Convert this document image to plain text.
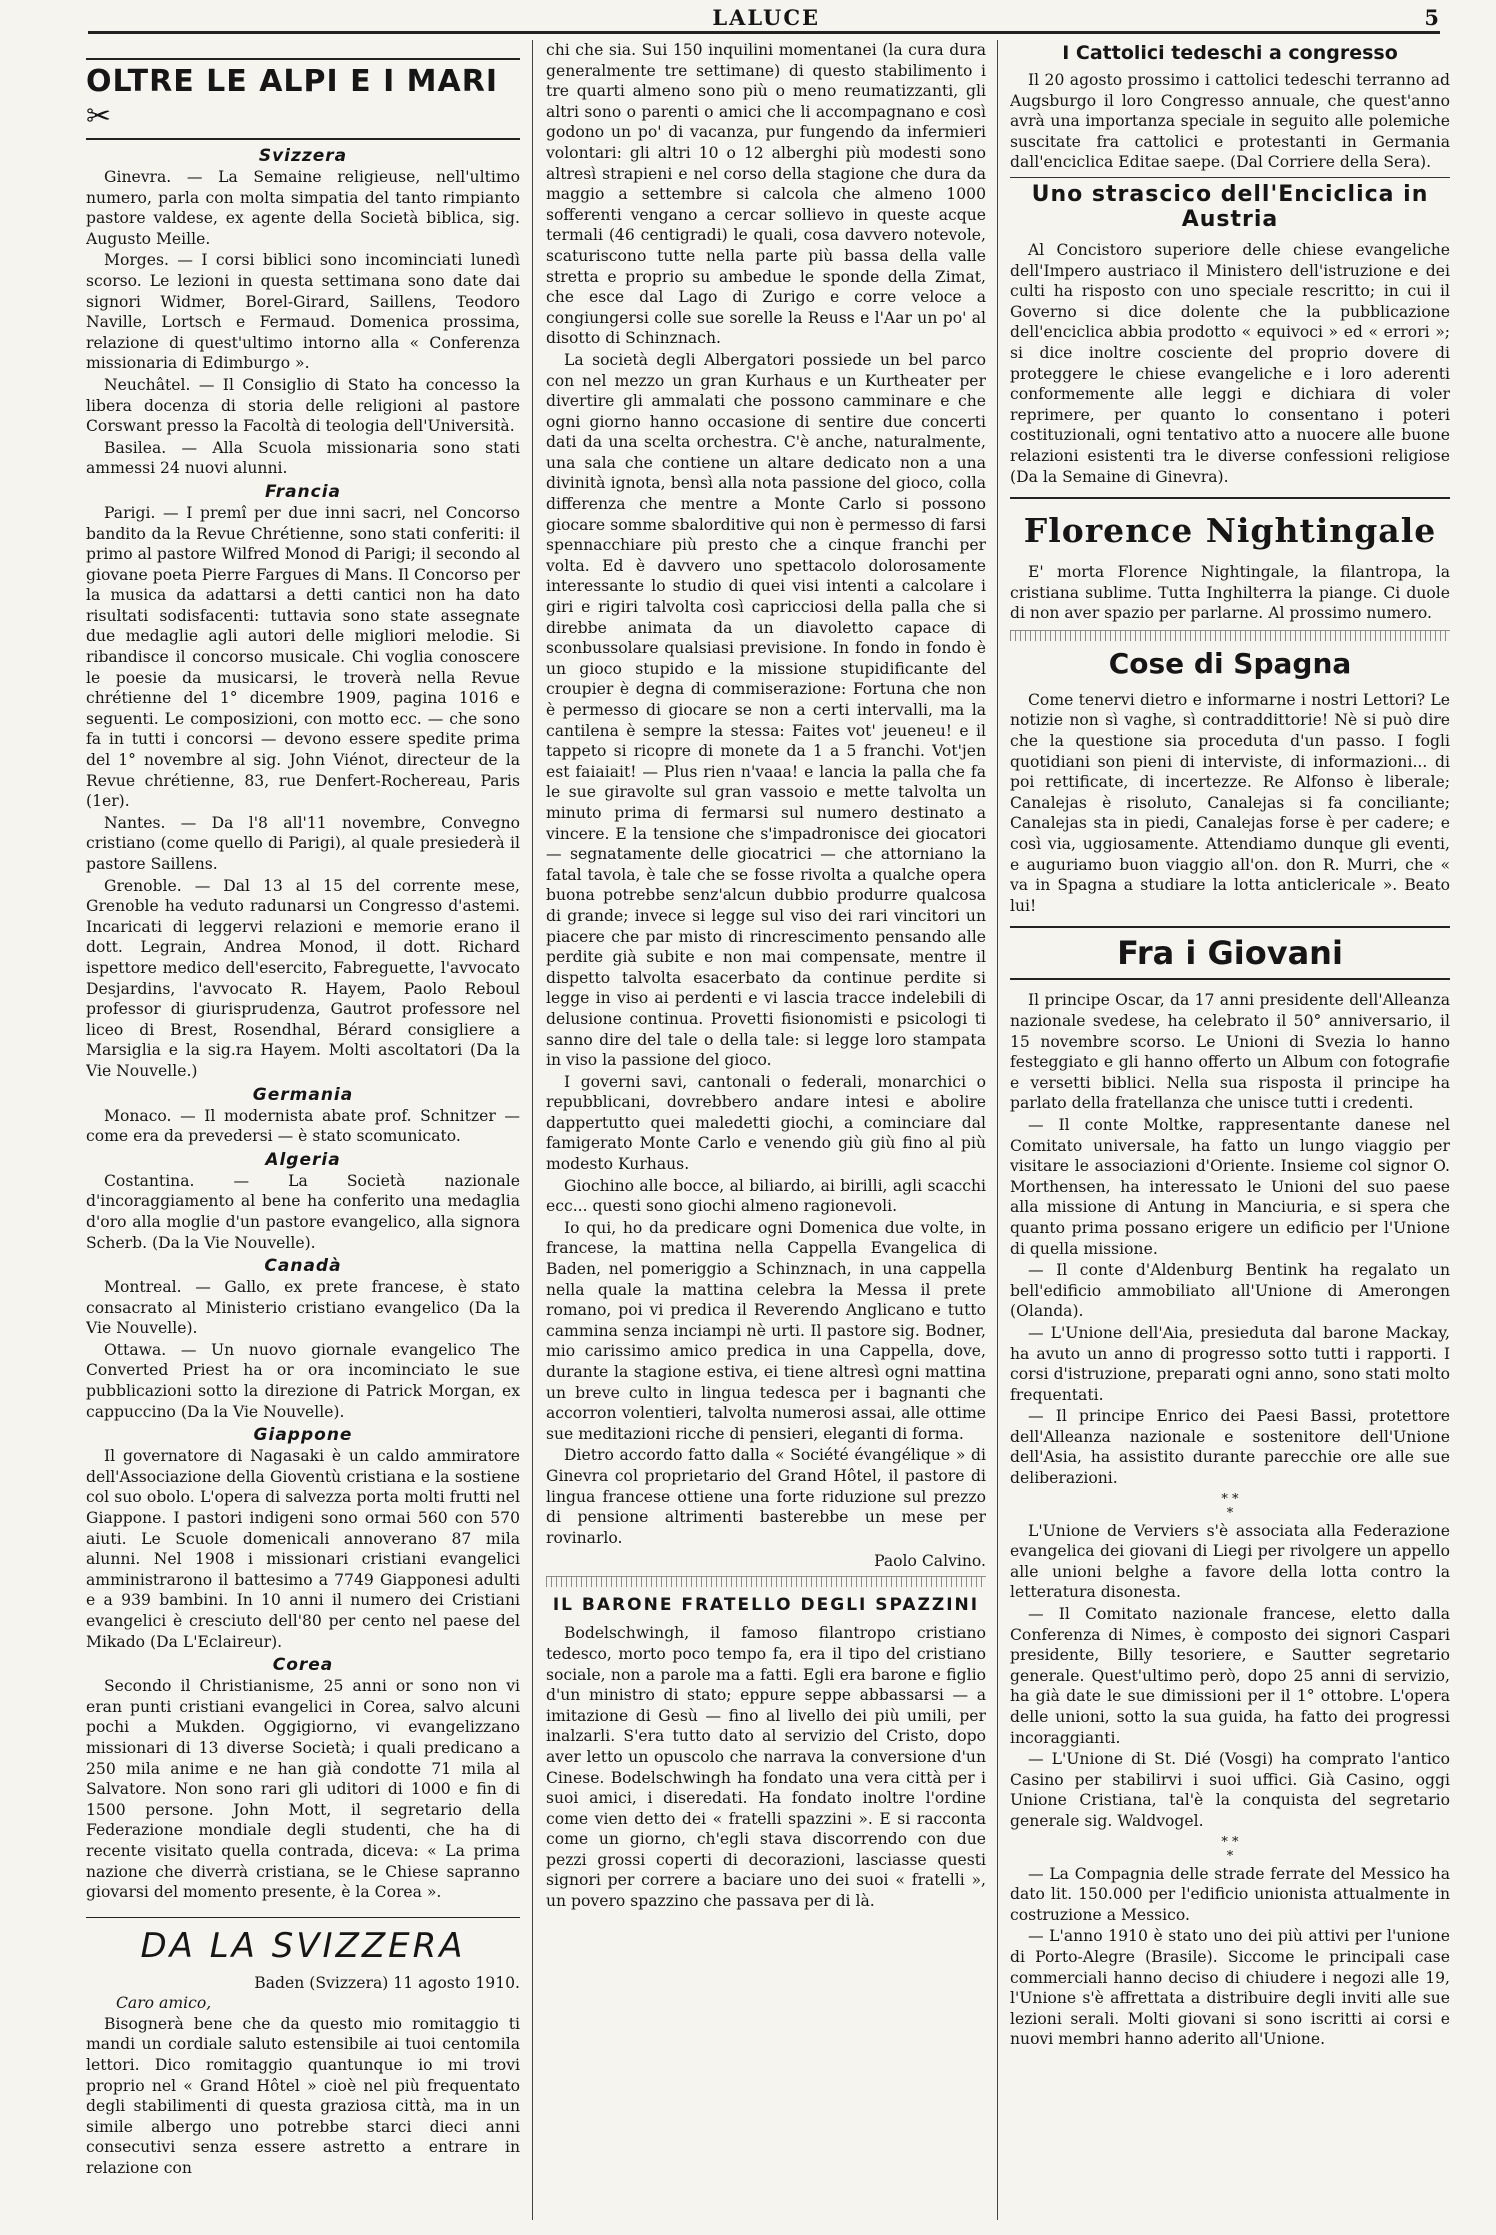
LALUCE	5
OLTRE LE ALPI E I MARI ✂
Svizzera

Ginevra. — La Semaine religieuse, nell'ultimo numero, parla con molta simpatia del tanto rimpianto pastore valdese, ex agente della Società biblica, sig. Augusto Meille.

Morges. — I corsi biblici sono incominciati lunedì scorso. Le lezioni in questa settimana sono date dai signori Widmer, Borel-Girard, Saillens, Teodoro Naville, Lortsch e Fermaud. Domenica prossima, relazione di quest'ultimo intorno alla « Conferenza missionaria di Edimburgo ».

Neuchâtel. — Il Consiglio di Stato ha concesso la libera docenza di storia delle religioni al pastore Corswant presso la Facoltà di teologia dell'Università.

Basilea. — Alla Scuola missionaria sono stati ammessi 24 nuovi alunni.

Francia

Parigi. — I premî per due inni sacri, nel Concorso bandito da la Revue Chrétienne, sono stati conferiti: il primo al pastore Wilfred Monod di Parigi; il secondo al giovane poeta Pierre Fargues di Mans. Il Concorso per la musica da adattarsi a detti cantici non ha dato risultati sodisfacenti: tuttavia sono state assegnate due medaglie agli autori delle migliori melodie. Si ribandisce il concorso musicale. Chi voglia conoscere le poesie da musicarsi, le troverà nella Revue chrétienne del 1° dicembre 1909, pagina 1016 e seguenti. Le composizioni, con motto ecc. — che sono fa in tutti i concorsi — devono essere spedite prima del 1° novembre al sig. John Viénot, directeur de la Revue chrétienne, 83, rue Denfert-Rochereau, Paris (1er).

Nantes. — Da l'8 all'11 novembre, Convegno cristiano (come quello di Parigi), al quale presiederà il pastore Saillens.

Grenoble. — Dal 13 al 15 del corrente mese, Grenoble ha veduto radunarsi un Congresso d'astemi. Incaricati di leggervi relazioni e memorie erano il dott. Legrain, Andrea Monod, il dott. Richard ispettore medico dell'esercito, Fabreguette, l'avvocato Desjardins, l'avvocato R. Hayem, Paolo Reboul professor di giurisprudenza, Gautrot professore nel liceo di Brest, Rosendhal, Bérard consigliere a Marsiglia e la sig.ra Hayem. Molti ascoltatori (Da la Vie Nouvelle.)

Germania

Monaco. — Il modernista abate prof. Schnitzer — come era da prevedersi — è stato scomunicato.

Algeria

Costantina. — La Società nazionale d'incoraggiamento al bene ha conferito una medaglia d'oro alla moglie d'un pastore evangelico, alla signora Scherb. (Da la Vie Nouvelle).

Canadà

Montreal. — Gallo, ex prete francese, è stato consacrato al Ministerio cristiano evangelico (Da la Vie Nouvelle).

Ottawa. — Un nuovo giornale evangelico The Converted Priest ha or ora incominciato le sue pubblicazioni sotto la direzione di Patrick Morgan, ex cappuccino (Da la Vie Nouvelle).

Giappone

Il governatore di Nagasaki è un caldo ammiratore dell'Associazione della Gioventù cristiana e la sostiene col suo obolo. L'opera di salvezza porta molti frutti nel Giappone. I pastori indigeni sono ormai 560 con 570 aiuti. Le Scuole domenicali annoverano 87 mila alunni. Nel 1908 i missionari cristiani evangelici amministrarono il battesimo a 7749 Giapponesi adulti e a 939 bambini. In 10 anni il numero dei Cristiani evangelici è cresciuto dell'80 per cento nel paese del Mikado (Da L'Eclaireur).

Corea

Secondo il Christianisme, 25 anni or sono non vi eran punti cristiani evangelici in Corea, salvo alcuni pochi a Mukden. Oggigiorno, vi evangelizzano missionari di 13 diverse Società; i quali predicano a 250 mila anime e ne han già condotte 71 mila al Salvatore. Non sono rari gli uditori di 1000 e fin di 1500 persone. John Mott, il segretario della Federazione mondiale degli studenti, che ha di recente visitato quella contrada, diceva: « La prima nazione che diverrà cristiana, se le Chiese sapranno giovarsi del momento presente, è la Corea ».

DA LA SVIZZERA
Baden (Svizzera) 11 agosto 1910.
Caro amico,

Bisognerà bene che da questo mio romitaggio ti mandi un cordiale saluto estensibile ai tuoi centomila lettori. Dico romitaggio quantunque io mi trovi proprio nel « Grand Hôtel » cioè nel più frequentato degli stabilimenti di questa graziosa città, ma in un simile albergo uno potrebbe starci dieci anni consecutivi senza essere astretto a entrare in relazione con

chi che sia. Sui 150 inquilini momentanei (la cura dura generalmente tre settimane) di questo stabilimento i tre quarti almeno sono più o meno reumatizzanti, gli altri sono o parenti o amici che li accompagnano e così godono un po' di vacanza, pur fungendo da infermieri volontari: gli altri 10 o 12 alberghi più modesti sono altresì strapieni e nel corso della stagione che dura da maggio a settembre si calcola che almeno 1000 sofferenti vengano a cercar sollievo in queste acque termali (46 centigradi) le quali, cosa davvero notevole, scaturiscono tutte nella parte più bassa della valle stretta e proprio su ambedue le sponde della Zimat, che esce dal Lago di Zurigo e corre veloce a congiungersi colle sue sorelle la Reuss e l'Aar un po' al disotto di Schinznach.

La società degli Albergatori possiede un bel parco con nel mezzo un gran Kurhaus e un Kurtheater per divertire gli ammalati che possono camminare e che ogni giorno hanno occasione di sentire due concerti dati da una scelta orchestra. C'è anche, naturalmente, una sala che contiene un altare dedicato non a una divinità ignota, bensì alla nota passione del gioco, colla differenza che mentre a Monte Carlo si possono giocare somme sbalorditive qui non è permesso di farsi spennacchiare più presto che a cinque franchi per volta. Ed è davvero uno spettacolo dolorosamente interessante lo studio di quei visi intenti a calcolare i giri e rigiri talvolta così capricciosi della palla che si direbbe animata da un diavoletto capace di sconbussolare qualsiasi previsione. In fondo in fondo è un gioco stupido e la missione stupidificante del croupier è degna di commiserazione: Fortuna che non è permesso di giocare se non a certi intervalli, ma la cantilena è sempre la stessa: Faites vot' jeueneu! e il tappeto si ricopre di monete da 1 a 5 franchi. Vot'jen est faiaiait! — Plus rien n'vaaa! e lancia la palla che fa le sue giravolte sul gran vassoio e mette talvolta un minuto prima di fermarsi sul numero destinato a vincere. E la tensione che s'impadronisce dei giocatori — segnatamente delle giocatrici — che attorniano la fatal tavola, è tale che se fosse rivolta a qualche opera buona potrebbe senz'alcun dubbio produrre qualcosa di grande; invece si legge sul viso dei rari vincitori un piacere che par misto di rincrescimento pensando alle perdite già subite e non mai compensate, mentre il dispetto talvolta esacerbato da continue perdite si legge in viso ai perdenti e vi lascia tracce indelebili di delusione continua. Provetti fisionomisti e psicologi ti sanno dire del tale o della tale: si legge loro stampata in viso la passione del gioco.

I governi savi, cantonali o federali, monarchici o repubblicani, dovrebbero andare intesi e abolire dappertutto quei maledetti giochi, a cominciare dal famigerato Monte Carlo e venendo giù giù fino al più modesto Kurhaus.

Giochino alle bocce, al biliardo, ai birilli, agli scacchi ecc... questi sono giochi almeno ragionevoli.

Io qui, ho da predicare ogni Domenica due volte, in francese, la mattina nella Cappella Evangelica di Baden, nel pomeriggio a Schinznach, in una cappella nella quale la mattina celebra la Messa il prete romano, poi vi predica il Reverendo Anglicano e tutto cammina senza inciampi nè urti. Il pastore sig. Bodner, mio carissimo amico predica in una Cappella, dove, durante la stagione estiva, ei tiene altresì ogni mattina un breve culto in lingua tedesca per i bagnanti che accorron volentieri, talvolta numerosi assai, alle ottime sue meditazioni ricche di pensieri, eleganti di forma.

Dietro accordo fatto dalla « Société évangélique » di Ginevra col proprietario del Grand Hôtel, il pastore di lingua francese ottiene una forte riduzione sul prezzo di pensione altrimenti basterebbe un mese per rovinarlo.

Paolo Calvino.
IL BARONE FRATELLO DEGLI SPAZZINI

Bodelschwingh, il famoso filantropo cristiano tedesco, morto poco tempo fa, era il tipo del cristiano sociale, non a parole ma a fatti. Egli era barone e figlio d'un ministro di stato; eppure seppe abbassarsi — a imitazione di Gesù — fino al livello dei più umili, per inalzarli. S'era tutto dato al servizio del Cristo, dopo aver letto un opuscolo che narrava la conversione d'un Cinese. Bodelschwingh ha fondato una vera città per i suoi amici, i diseredati. Ha fondato inoltre l'ordine come vien detto dei « fratelli spazzini ». E si racconta come un giorno, ch'egli stava discorrendo con due pezzi grossi coperti di decorazioni, lasciasse questi signori per correre a baciare uno dei suoi « fratelli », un povero spazzino che passava per di là.

I Cattolici tedeschi a congresso

Il 20 agosto prossimo i cattolici tedeschi terranno ad Augsburgo il loro Congresso annuale, che quest'anno avrà una importanza speciale in seguito alle polemiche suscitate fra cattolici e protestanti in Germania dall'enciclica Editae saepe. (Dal Corriere della Sera).

Uno strascico dell'Enciclica in Austria

Al Concistoro superiore delle chiese evangeliche dell'Impero austriaco il Ministero dell'istruzione e dei culti ha risposto con uno speciale rescritto; in cui il Governo si dice dolente che la pubblicazione dell'enciclica abbia prodotto « equivoci » ed « errori »; si dice inoltre cosciente del proprio dovere di proteggere le chiese evangeliche e i loro aderenti conformemente alle leggi e dichiara di voler reprimere, per quanto lo consentano i poteri costituzionali, ogni tentativo atto a nuocere alle buone relazioni esistenti tra le diverse confessioni religiose (Da la Semaine di Ginevra).

Florence Nightingale

E' morta Florence Nightingale, la filantropa, la cristiana sublime. Tutta Inghilterra la piange. Ci duole di non aver spazio per parlarne. Al prossimo numero.

Cose di Spagna

Come tenervi dietro e informarne i nostri Lettori? Le notizie non sì vaghe, sì contraddittorie! Nè si può dire che la questione sia proceduta d'un passo. I fogli quotidiani son pieni di interviste, di informazioni... di poi rettificate, di incertezze. Re Alfonso è liberale; Canalejas è risoluto, Canalejas si fa conciliante; Canalejas sta in piedi, Canalejas forse è per cadere; e così via, uggiosamente. Attendiamo dunque gli eventi, e auguriamo buon viaggio all'on. don R. Murri, che « va in Spagna a studiare la lotta anticlericale ». Beato lui!

Fra i Giovani

Il principe Oscar, da 17 anni presidente dell'Alleanza nazionale svedese, ha celebrato il 50° anniversario, il 15 novembre scorso. Le Unioni di Svezia lo hanno festeggiato e gli hanno offerto un Album con fotografie e versetti biblici. Nella sua risposta il principe ha parlato della fratellanza che unisce tutti i credenti.

— Il conte Moltke, rappresentante danese nel Comitato universale, ha fatto un lungo viaggio per visitare le associazioni d'Oriente. Insieme col signor O. Morthensen, ha interessato le Unioni del suo paese alla missione di Antung in Manciuria, e si spera che quanto prima possano erigere un edificio per l'Unione di quella missione.

— Il conte d'Aldenburg Bentink ha regalato un bell'edificio ammobiliato all'Unione di Amerongen (Olanda).

— L'Unione dell'Aia, presieduta dal barone Mackay, ha avuto un anno di progresso sotto tutti i rapporti. I corsi d'istruzione, preparati ogni anno, sono stati molto frequentati.

— Il principe Enrico dei Paesi Bassi, protettore dell'Alleanza nazionale e sostenitore dell'Unione dell'Asia, ha assistito durante parecchie ore alle sue deliberazioni.

* *
*

L'Unione de Verviers s'è associata alla Federazione evangelica dei giovani di Liegi per rivolgere un appello alle unioni belghe a favore della lotta contro la letteratura disonesta.

— Il Comitato nazionale francese, eletto dalla Conferenza di Nimes, è composto dei signori Caspari presidente, Billy tesoriere, e Sautter segretario generale. Quest'ultimo però, dopo 25 anni di servizio, ha già date le sue dimissioni per il 1° ottobre. L'opera delle unioni, sotto la sua guida, ha fatto dei progressi incoraggianti.

— L'Unione di St. Dié (Vosgi) ha comprato l'antico Casino per stabilirvi i suoi uffici. Già Casino, oggi Unione Cristiana, tal'è la conquista del segretario generale sig. Waldvogel.

* *
*

— La Compagnia delle strade ferrate del Messico ha dato lit. 150.000 per l'edificio unionista attualmente in costruzione a Messico.

— L'anno 1910 è stato uno dei più attivi per l'unione di Porto-Alegre (Brasile). Siccome le principali case commerciali hanno deciso di chiudere i negozi alle 19, l'Unione s'è affrettata a distribuire degli inviti alle sue lezioni serali. Molti giovani si sono iscritti ai corsi e nuovi membri hanno aderito all'Unione.
